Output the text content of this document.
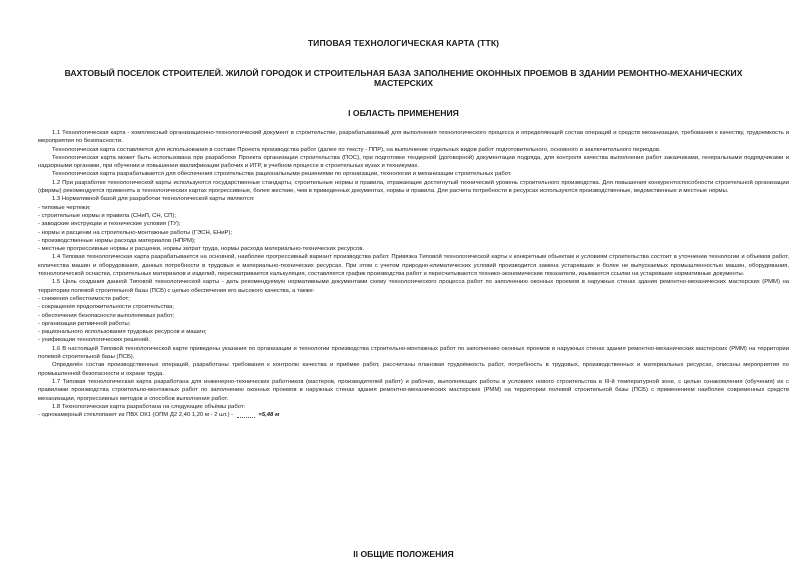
ТИПОВАЯ ТЕХНОЛОГИЧЕСКАЯ КАРТА (ТТК)
ВАХТОВЫЙ ПОСЕЛОК СТРОИТЕЛЕЙ. ЖИЛОЙ ГОРОДОК И СТРОИТЕЛЬНАЯ БАЗА ЗАПОЛНЕНИЕ ОКОННЫХ ПРОЕМОВ В ЗДАНИИ РЕМОНТНО-МЕХАНИЧЕСКИХ МАСТЕРСКИХ
I ОБЛАСТЬ ПРИМЕНЕНИЯ

1.1 Технологическая карта - комплексный организационно-технологический документ в строительстве, разрабатываемый для выполнения технологического процесса и определяющий состав операций и средств механизации, требования к качеству, трудоемкость и мероприятия по безопасности.

Технологическая карта составляется для использования в составе Проекта производства работ (далее по тексту - ППР), на выполнение отдельных видов работ подготовительного, основного и заключительного периодов.

Технологическая карта может быть использована при разработке Проекта организации строительства (ПОС), при подготовке тендерной (договорной) документации подряда, для контроля качества выполнения работ заказчиками, генеральными подрядчиками и надзорными органами, при обучении и повышении квалификации рабочих и ИТР, в учебном процессе в строительных вузах и техникумах.

Технологическая карта разрабатывается для обеспечения строительства рациональными решениями по организации, технологии и механизации строительных работ.

1.2 При разработке технологической карты используются государственные стандарты, строительные нормы и правила, отражающие достигнутый технический уровень строительного производства. Для повышения конкурентоспособности строительной организации (фирмы) рекомендуется применять в технологических картах прогрессивные, более жесткие, чем в приведенных документах, нормы и правила. Для расчета потребности в ресурсах используются производственные, ведомственные и местные нормы.

1.3 Нормативной базой для разработки технологической карты являются:

- типовые чертежи;

- строительные нормы и правила (СНиП, СН, СП);

- заводские инструкции и технические условия (ТУ);

- нормы и расценки на строительно-монтажные работы (ГЭСН, ЕНиР);

- производственные нормы расхода материалов (НПРМ);

- местные прогрессивные нормы и расценки, нормы затрат труда, нормы расхода материально-технических ресурсов.

1.4 Типовая технологическая карта разрабатывается на основной, наиболее прогрессивный вариант производства работ. Привязка Типовой технологической карты к конкретным объектам и условиям строительства состоит в уточнении технологии и объемов работ, количества машин и оборудования, данных потребности в трудовых и материально-технических ресурсах. При этом с учетом природно-климатических условий производится замена устаревших и более не выпускаемых промышленностью машин, оборудования, технологической оснастки, строительных материалов и изделий, пересматривается калькуляция, составляется график производства работ и пересчитываются технико-экономические показатели, изымаются ссылки на устаревшие нормативные документы.

1.5 Цель создания данной Типовой технологической карты - дать рекомендуемую нормативными документами схему технологического процесса работ по заполнению оконных проемов в наружных стенах здания ремонтно-механических мастерских (РММ) на территории полевой строительной базы (ПСБ) с целью обеспечения его высокого качества, а также:

- снижения себестоимости работ;

- сокращения продолжительности строительства;

- обеспечения безопасности выполняемых работ;

- организации ритмичной работы;

- рационального использования трудовых ресурсов и машин;

- унификации технологических решений.

1.6 В настоящей Типовой технологической карте приведены указания по организации и технологии производства строительно-монтажных работ по заполнению оконных проемов в наружных стенах здания ремонтно-механических мастерских (РММ) на территории полевой строительной базы (ПСБ).

Определён состав производственных операций, разработаны требования к контролю качества и приёмке работ, рассчитаны плановая трудоёмкость работ, потребность в трудовых, производственных и материальных ресурсах, описаны мероприятия по промышленной безопасности и охране труда.

1.7 Типовая технологическая карта разработана для инженерно-технических работников (мастеров, производителей работ) и рабочих, выполняющих работы в условиях нового строительства в III-й температурной зоне, с целью ознакомления (обучения) их с правилами производства строительно-монтажных работ по заполнению оконных проемов в наружных стенах здания ремонтно-механических мастерских (РММ) на территории полевой строительной базы (ПСБ) с применением наиболее современных средств механизации, прогрессивных методов и способов выполнения работ.

1.8 Технологическая карта разработана на следующие объёмы работ:

- однокамерный стеклопакет из ПВХ ОК1 (ОПМ Д2 2,40 1,20 м - 2 шт.) -	=5,48 м

II ОБЩИЕ ПОЛОЖЕНИЯ
